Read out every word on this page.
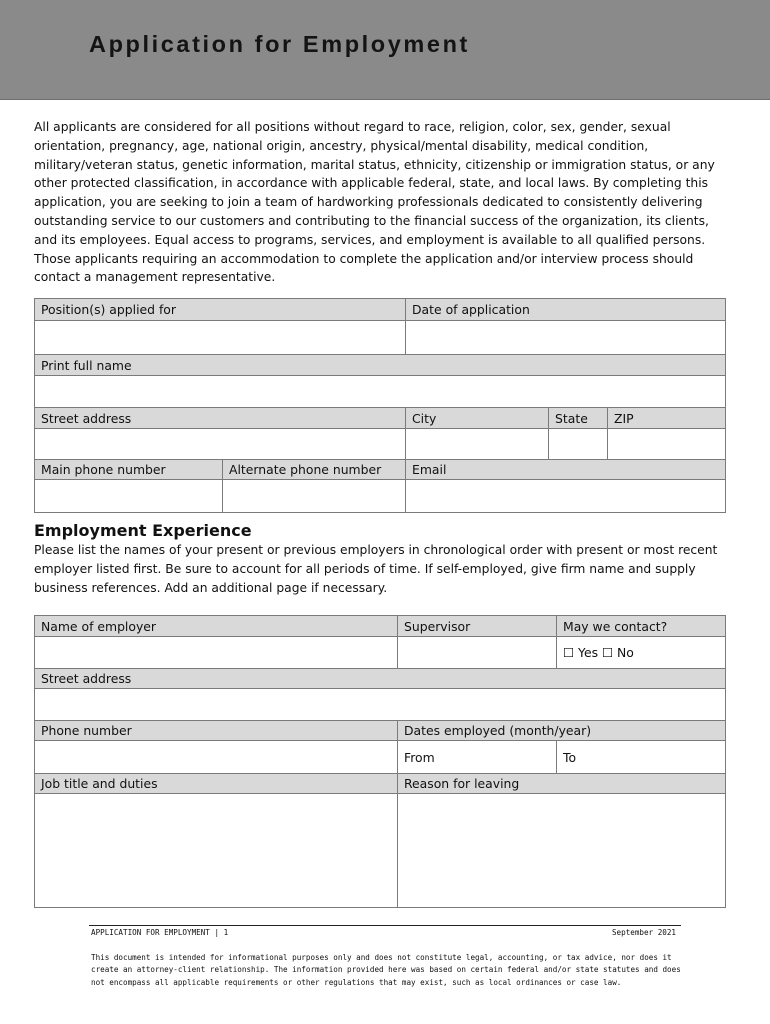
Application for Employment

All applicants are considered for all positions without regard to race, religion, color, sex, gender, sexual orientation, pregnancy, age, national origin, ancestry, physical/mental disability, medical condition, military/veteran status, genetic information, marital status, ethnicity, citizenship or immigration status, or any other protected classification, in accordance with applicable federal, state, and local laws. By completing this application, you are seeking to join a team of hardworking professionals dedicated to consistently delivering outstanding service to our customers and contributing to the financial success of the organization, its clients, and its employees. Equal access to programs, services, and employment is available to all qualified persons. Those applicants requiring an accommodation to complete the application and/or interview process should contact a management representative.

Position(s) applied for		Date of application		

Print full name				

Street address		City	State	ZIP

Main phone number	Alternate phone number	Email		

Employment Experience

Please list the names of your present or previous employers in chronological order with present or most recent employer listed first. Be sure to account for all periods of time. If self-employed, give firm name and supply business references. Add an additional page if necessary.

Name of employer	Supervisor	May we contact?
		☐ Yes ☐ No
Street address		

Phone number	Dates employed (month/year)	
	From	To
Job title and duties	Reason for leaving	

APPLICATION FOR EMPLOYMENT | 1	September 2021

This document is intended for informational purposes only and does not constitute legal, accounting, or tax advice, nor does it create an attorney-client relationship. The information provided here was based on certain federal and/or state statutes and does not encompass all applicable requirements or other regulations that may exist, such as local ordinances or case law.
